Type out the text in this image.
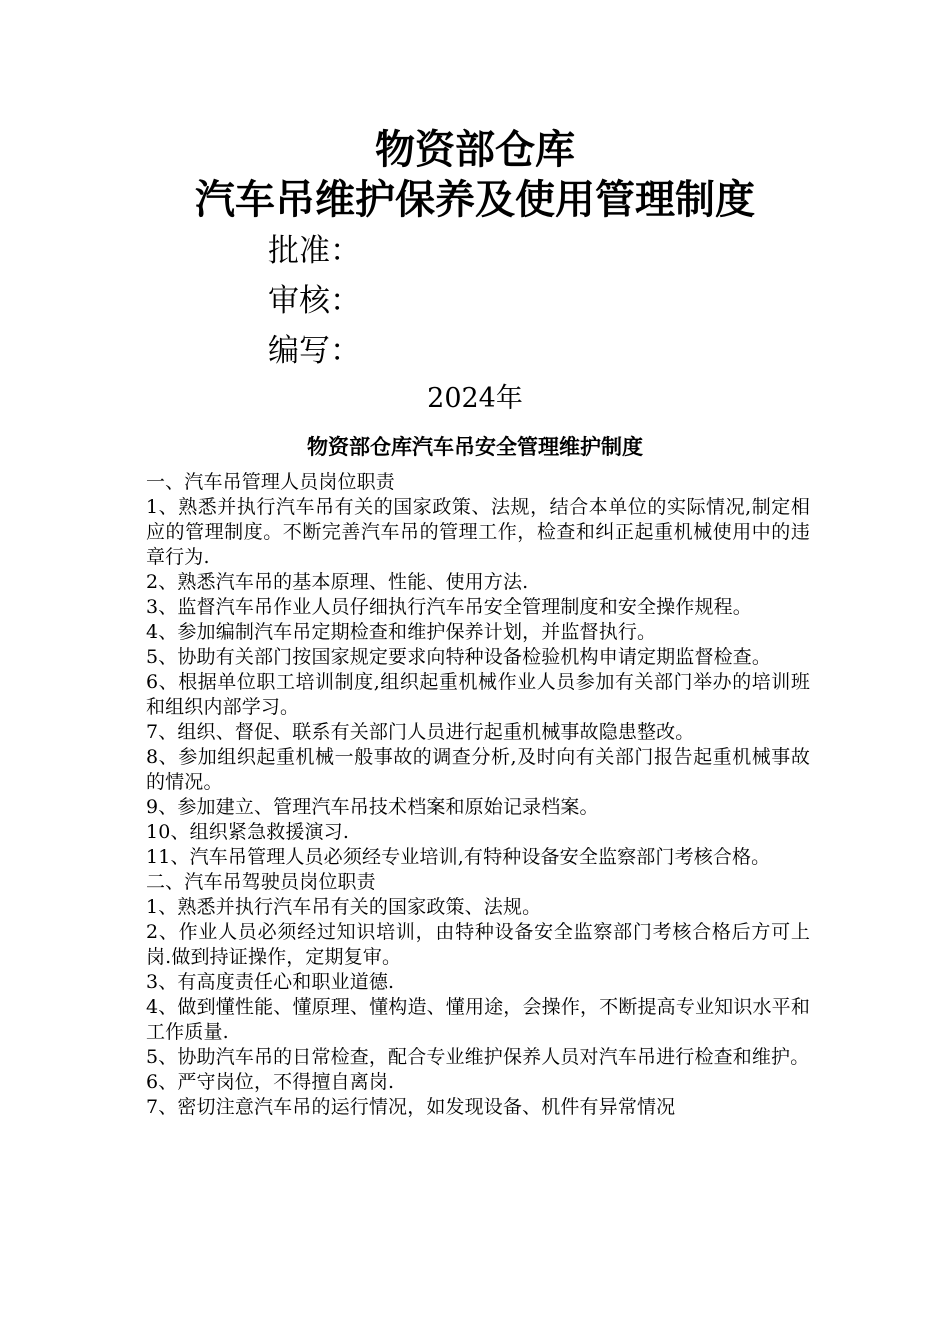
物资部仓库
汽车吊维护保养及使用管理制度
批准：
审核：
编写：
2024年
物资部仓库汽车吊安全管理维护制度

一、汽车吊管理人员岗位职责

1、熟悉并执行汽车吊有关的国家政策、法规，结合本单位的实际情况,制定相应的管理制度。不断完善汽车吊的管理工作，检查和纠正起重机械使用中的违章行为.

2、熟悉汽车吊的基本原理、性能、使用方法.

3、监督汽车吊作业人员仔细执行汽车吊安全管理制度和安全操作规程。

4、参加编制汽车吊定期检查和维护保养计划，并监督执行。

5、协助有关部门按国家规定要求向特种设备检验机构申请定期监督检查。

6、根据单位职工培训制度,组织起重机械作业人员参加有关部门举办的培训班和组织内部学习。

7、组织、督促、联系有关部门人员进行起重机械事故隐患整改。

8、参加组织起重机械一般事故的调查分析,及时向有关部门报告起重机械事故的情况。

9、参加建立、管理汽车吊技术档案和原始记录档案。

10、组织紧急救援演习.

11、汽车吊管理人员必须经专业培训,有特种设备安全监察部门考核合格。

二、汽车吊驾驶员岗位职责

1、熟悉并执行汽车吊有关的国家政策、法规。

2、作业人员必须经过知识培训，由特种设备安全监察部门考核合格后方可上岗.做到持证操作，定期复审。

3、有高度责任心和职业道德.

4、做到懂性能、懂原理、懂构造、懂用途，会操作，不断提高专业知识水平和工作质量.

5、协助汽车吊的日常检查，配合专业维护保养人员对汽车吊进行检查和维护。

6、严守岗位，不得擅自离岗.

7、密切注意汽车吊的运行情况，如发现设备、机件有异常情况
